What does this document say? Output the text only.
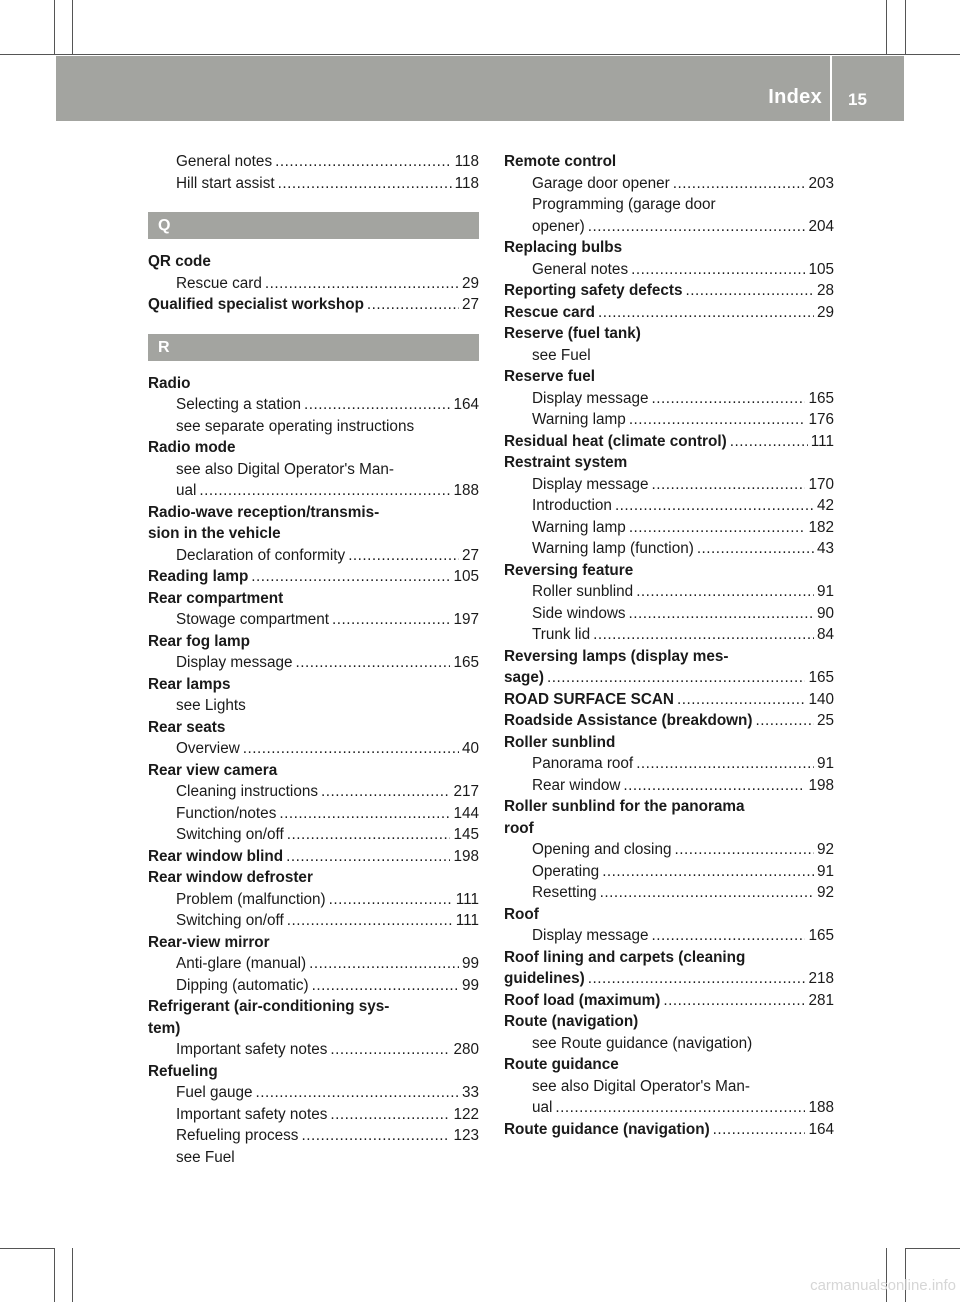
Index 15
General notes .....	118
Hill start assist .....	118
Q
QR code
Rescue card .....	29
Qualified specialist workshop .....	27
R
Radio
Selecting a station .....	164
see separate operating instructions
Radio mode
see also Digital Operator's Man-
ual .....	188
Radio-wave reception/transmis-
sion in the vehicle
Declaration of conformity .....	27
Reading lamp .....	105
Rear compartment
Stowage compartment .....	197
Rear fog lamp
Display message .....	165
Rear lamps
see Lights
Rear seats
Overview .....	40
Rear view camera
Cleaning instructions .....	217
Function/notes .....	144
Switching on/off .....	145
Rear window blind .....	198
Rear window defroster
Problem (malfunction) .....	111
Switching on/off .....	111
Rear-view mirror
Anti-glare (manual) .....	99
Dipping (automatic) .....	99
Refrigerant (air-conditioning sys-
tem)
Important safety notes .....	280
Refueling
Fuel gauge .....	33
Important safety notes .....	122
Refueling process .....	123
see Fuel
Remote control
Garage door opener .....	203
Programming (garage door
opener) .....	204
Replacing bulbs
General notes .....	105
Reporting safety defects .....	28
Rescue card .....	29
Reserve (fuel tank)
see Fuel
Reserve fuel
Display message .....	165
Warning lamp .....	176
Residual heat (climate control) .....	111
Restraint system
Display message .....	170
Introduction .....	42
Warning lamp .....	182
Warning lamp (function) .....	43
Reversing feature
Roller sunblind .....	91
Side windows .....	90
Trunk lid .....	84
Reversing lamps (display mes-
sage) .....	165
ROAD SURFACE SCAN .....	140
Roadside Assistance (breakdown) .....	25
Roller sunblind
Panorama roof .....	91
Rear window .....	198
Roller sunblind for the panorama
roof
Opening and closing .....	92
Operating .....	91
Resetting .....	92
Roof
Display message .....	165
Roof lining and carpets (cleaning
guidelines) .....	218
Roof load (maximum) .....	281
Route (navigation)
see Route guidance (navigation)
Route guidance
see also Digital Operator's Man-
ual .....	188
Route guidance (navigation) .....	164
carmanualsonline.info
